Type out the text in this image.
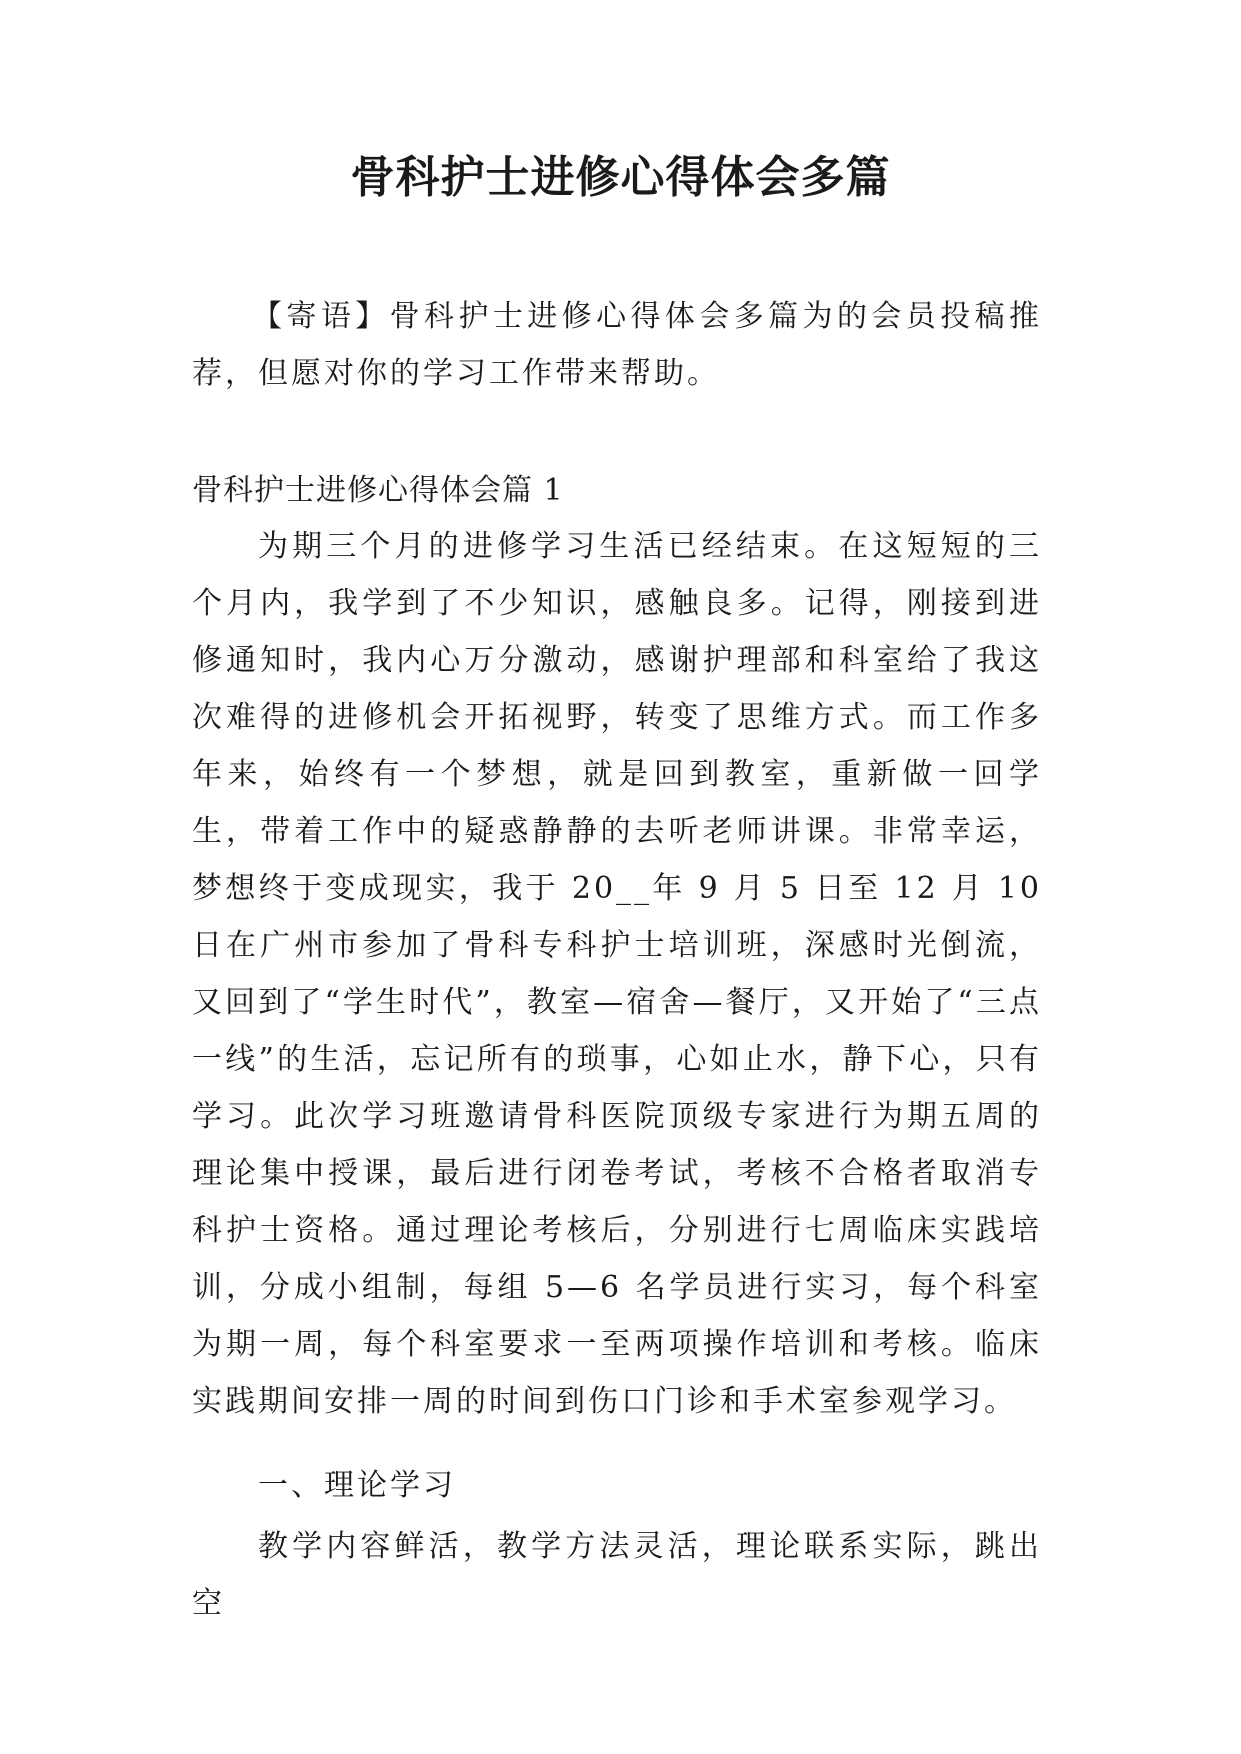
骨科护士进修心得体会多篇

【寄语】骨科护士进修心得体会多篇为的会员投稿推荐，但愿对你的学习工作带来帮助。

骨科护士进修心得体会篇 1

为期三个月的进修学习生活已经结束。在这短短的三个月内，我学到了不少知识，感触良多。记得，刚接到进修通知时，我内心万分激动，感谢护理部和科室给了我这次难得的进修机会开拓视野，转变了思维方式。而工作多年来，始终有一个梦想，就是回到教室，重新做一回学生，带着工作中的疑惑静静的去听老师讲课。非常幸运，梦想终于变成现实，我于 20__年 9 月 5 日至 12 月 10 日在广州市参加了骨科专科护士培训班，深感时光倒流，又回到了“学生时代”，教室—宿舍—餐厅，又开始了“三点一线”的生活，忘记所有的琐事，心如止水，静下心，只有学习。此次学习班邀请骨科医院顶级专家进行为期五周的理论集中授课，最后进行闭卷考试，考核不合格者取消专科护士资格。通过理论考核后，分别进行七周临床实践培训，分成小组制，每组 5—6 名学员进行实习，每个科室为期一周，每个科室要求一至两项操作培训和考核。临床实践期间安排一周的时间到伤口门诊和手术室参观学习。

一、理论学习

教学内容鲜活，教学方法灵活，理论联系实际，跳出空
